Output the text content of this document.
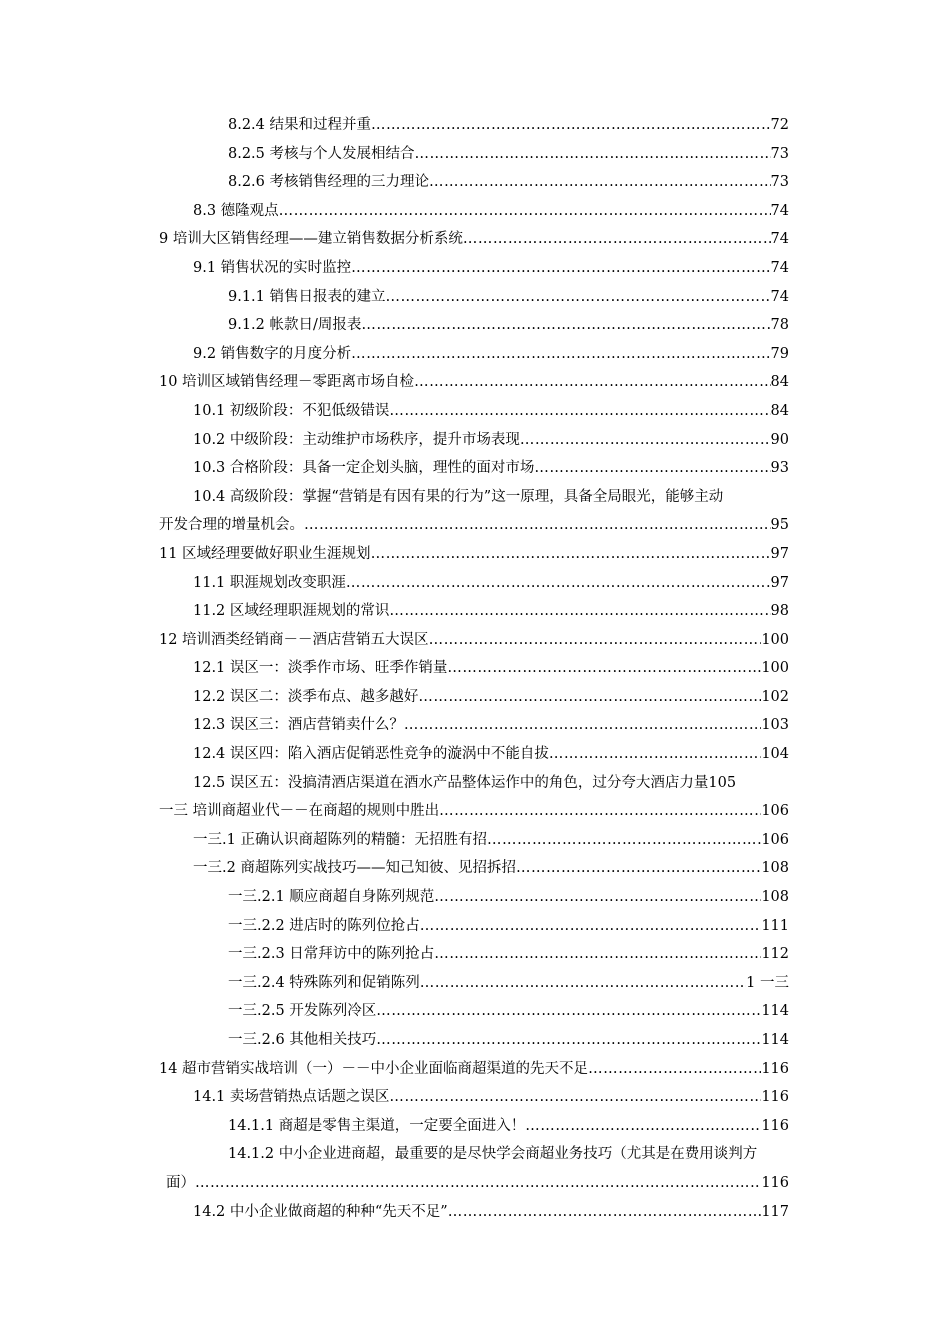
8.2.4 结果和过程并重 …………………………………………………………………………………………………………………………………………………………………………………………………	72
8.2.5 考核与个人发展相结合 …………………………………………………………………………………………………………………………………………………………………………………………………	73
8.2.6 考核销售经理的三力理论 …………………………………………………………………………………………………………………………………………………………………………………………………	73
8.3 德隆观点 …………………………………………………………………………………………………………………………………………………………………………………………………	74
9 培训大区销售经理——建立销售数据分析系统 …………………………………………………………………………………………………………………………………………………………………………………………………	74
9.1 销售状况的实时监控 …………………………………………………………………………………………………………………………………………………………………………………………………	74
9.1.1 销售日报表的建立 …………………………………………………………………………………………………………………………………………………………………………………………………	74
9.1.2 帐款日/周报表 …………………………………………………………………………………………………………………………………………………………………………………………………	78
9.2 销售数字的月度分析 …………………………………………………………………………………………………………………………………………………………………………………………………	79
10 培训区域销售经理－零距离市场自检 …………………………………………………………………………………………………………………………………………………………………………………………………	84
10.1 初级阶段：不犯低级错误 …………………………………………………………………………………………………………………………………………………………………………………………………	84
10.2 中级阶段：主动维护市场秩序，提升市场表现 …………………………………………………………………………………………………………………………………………………………………………………………………	90
10.3 合格阶段：具备一定企划头脑，理性的面对市场 …………………………………………………………………………………………………………………………………………………………………………………………………	93
10.4 高级阶段：掌握“营销是有因有果的行为”这一原理，具备全局眼光，能够主动
开发合理的增量机会。 …………………………………………………………………………………………………………………………………………………………………………………………………	95
11 区域经理要做好职业生涯规划 …………………………………………………………………………………………………………………………………………………………………………………………………	97
11.1 职涯规划改变职涯 …………………………………………………………………………………………………………………………………………………………………………………………………	97
11.2 区域经理职涯规划的常识 …………………………………………………………………………………………………………………………………………………………………………………………………	98
12 培训酒类经销商－－酒店营销五大误区 …………………………………………………………………………………………………………………………………………………………………………………………………	100
12.1 误区一：淡季作市场、旺季作销量 …………………………………………………………………………………………………………………………………………………………………………………………………	100
12.2 误区二：淡季布点、越多越好 …………………………………………………………………………………………………………………………………………………………………………………………………	102
12.3 误区三：酒店营销卖什么？ …………………………………………………………………………………………………………………………………………………………………………………………………	103
12.4 误区四：陷入酒店促销恶性竞争的漩涡中不能自拔 …………………………………………………………………………………………………………………………………………………………………………………………………	104
12.5 误区五：没搞清酒店渠道在酒水产品整体运作中的角色，过分夸大酒店力量 105
一三 培训商超业代－－在商超的规则中胜出 …………………………………………………………………………………………………………………………………………………………………………………………………	106
一三.1 正确认识商超陈列的精髓：无招胜有招 …………………………………………………………………………………………………………………………………………………………………………………………………	106
一三.2 商超陈列实战技巧——知己知彼、见招拆招 …………………………………………………………………………………………………………………………………………………………………………………………………	108
一三.2.1 顺应商超自身陈列规范 …………………………………………………………………………………………………………………………………………………………………………………………………	108
一三.2.2 进店时的陈列位抢占 …………………………………………………………………………………………………………………………………………………………………………………………………	111
一三.2.3 日常拜访中的陈列抢占 …………………………………………………………………………………………………………………………………………………………………………………………………	112
一三.2.4 特殊陈列和促销陈列 …………………………………………………………………………………………………………………………………………………………………………………………………	1 一三
一三.2.5 开发陈列冷区 …………………………………………………………………………………………………………………………………………………………………………………………………	114
一三.2.6 其他相关技巧 …………………………………………………………………………………………………………………………………………………………………………………………………	114
14 超市营销实战培训（一）－－中小企业面临商超渠道的先天不足 …………………………………………………………………………………………………………………………………………………………………………………………………	116
14.1 卖场营销热点话题之误区 …………………………………………………………………………………………………………………………………………………………………………………………………	116
14.1.1 商超是零售主渠道，一定要全面进入！ …………………………………………………………………………………………………………………………………………………………………………………………………	116
14.1.2 中小企业进商超，最重要的是尽快学会商超业务技巧（尤其是在费用谈判方
面） …………………………………………………………………………………………………………………………………………………………………………………………………	116
14.2 中小企业做商超的种种“先天不足” …………………………………………………………………………………………………………………………………………………………………………………………………	117
